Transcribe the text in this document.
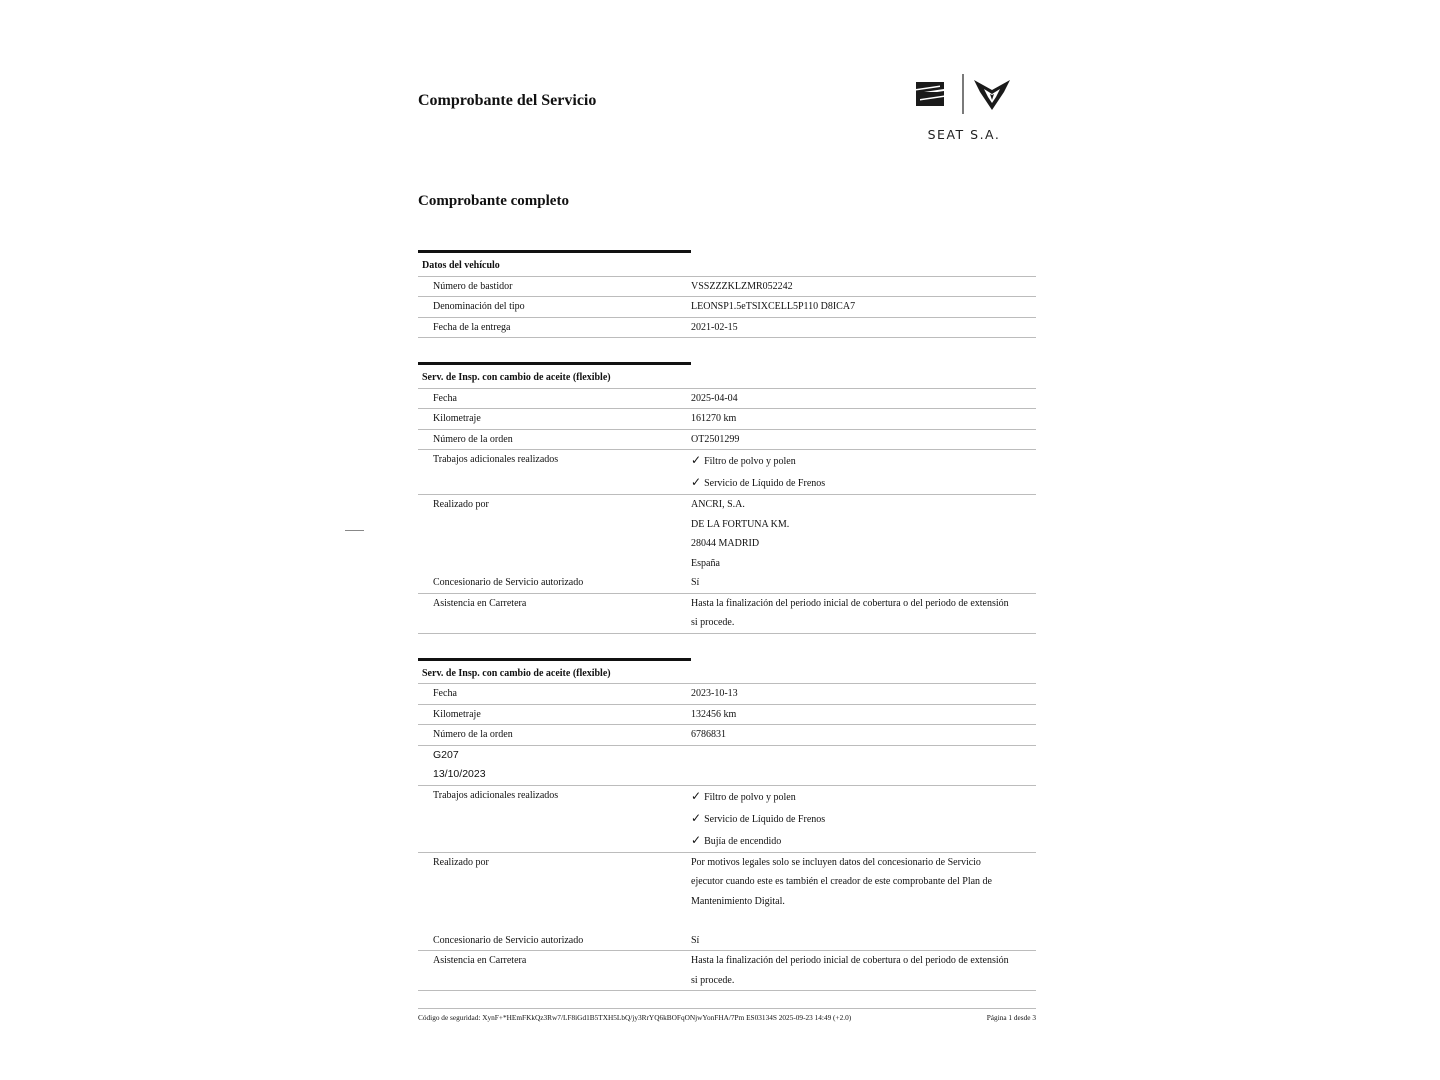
Comprobante del Servicio
SEAT S.A.
Comprobante completo
Datos del vehículo
Número de bastidor	VSSZZZKLZMR052242
Denominación del tipo	LEONSP1.5eTSIXCELL5P110 D8ICA7
Fecha de la entrega	2021-02-15
Serv. de Insp. con cambio de aceite (flexible)
Fecha	2025-04-04
Kilometraje	161270 km
Número de la orden	OT2501299
Trabajos adicionales realizados	✓ Filtro de polvo y polen
✓ Servicio de Líquido de Frenos
Realizado por	ANCRI, S.A.
DE LA FORTUNA KM.
28044 MADRID
España
Concesionario de Servicio autorizado	Sí
Asistencia en Carretera	Hasta la finalización del periodo inicial de cobertura o del periodo de extensión
si procede.
Serv. de Insp. con cambio de aceite (flexible)
Fecha	2023-10-13
Kilometraje	132456 km
Número de la orden	6786831
G207
13/10/2023
Trabajos adicionales realizados	✓ Filtro de polvo y polen
✓ Servicio de Líquido de Frenos
✓ Bujía de encendido
Realizado por	Por motivos legales solo se incluyen datos del concesionario de Servicio
ejecutor cuando este es también el creador de este comprobante del Plan de
Mantenimiento Digital.

Concesionario de Servicio autorizado	Sí
Asistencia en Carretera	Hasta la finalización del periodo inicial de cobertura o del periodo de extensión
si procede.
Código de seguridad: XynF+*HEmFKkQz3Rw7/LF8iGd1B5TXH5LbQ/jy3RrYQ6kBOFqONjwYonFHA/7Pm ES03134S 2025-09-23 14:49 (+2.0)	Página 1 desde 3
